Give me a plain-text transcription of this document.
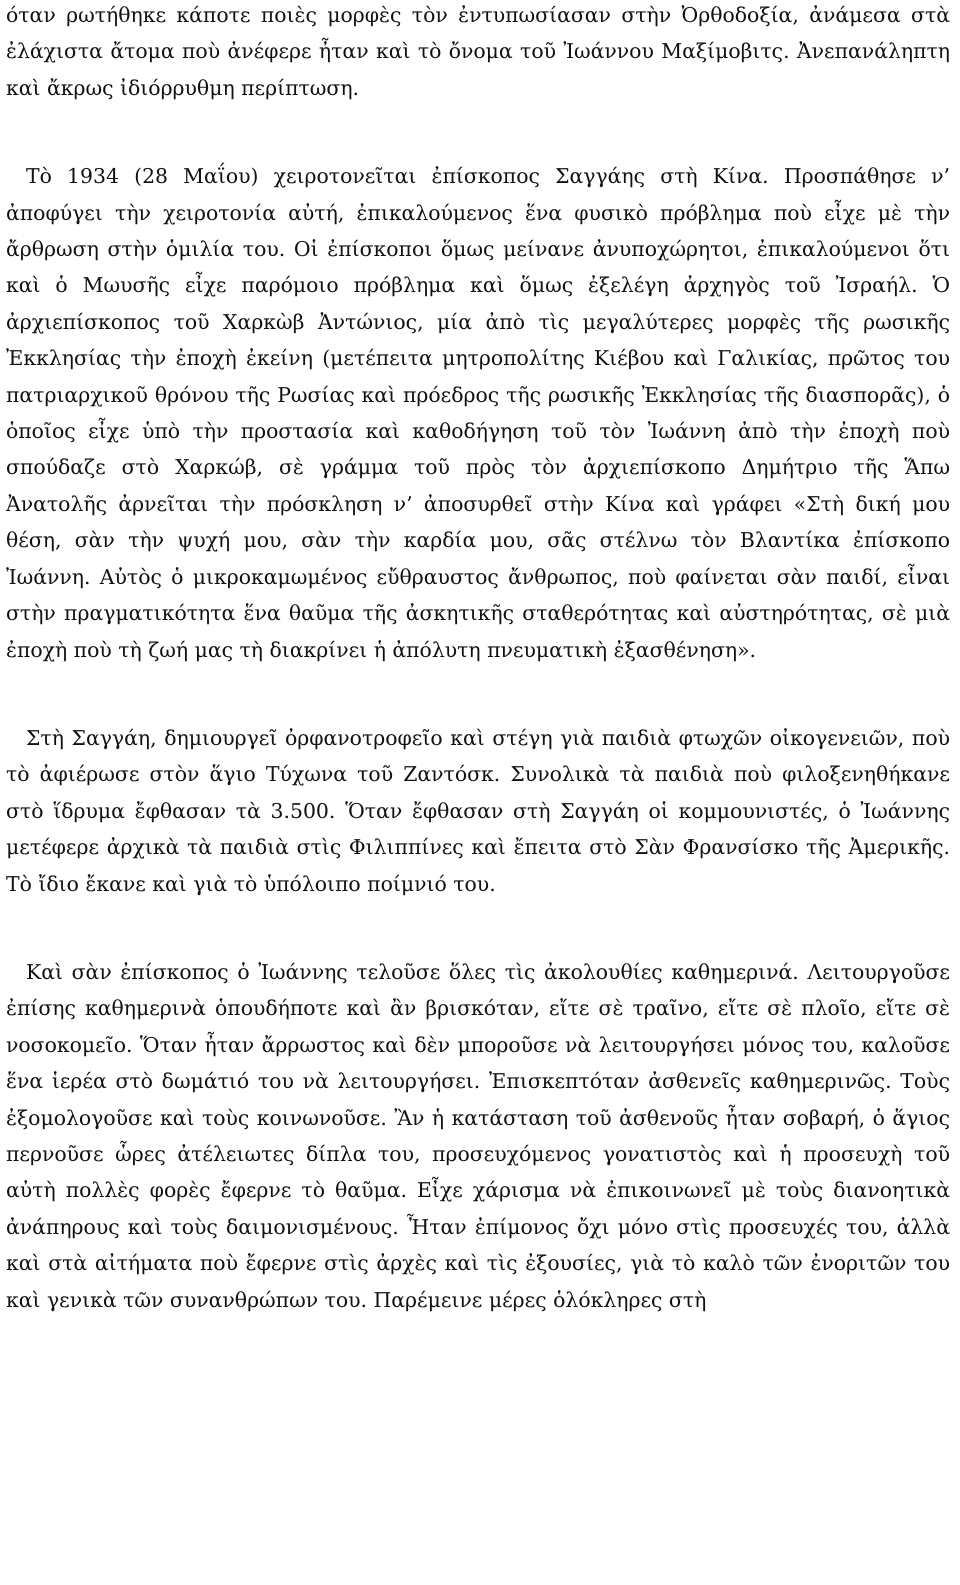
όταν ρωτήθηκε κάποτε ποιὲς μορφὲς τὸν ἐντυπωσίασαν στὴν Ὀρθοδοξία, ἀνάμεσα στὰ ἐλάχιστα ἄτομα ποὺ ἀνέφερε ἦταν καὶ τὸ ὄνομα τοῦ Ἰωάννου Μαξίμοβιτς. Ἀνεπανάληπτη καὶ ἄκρως ἰδιόρρυθμη περίπτωση.

Τὸ 1934 (28 Μαΐου) χειροτονεῖται ἐπίσκοπος Σαγγάης στὴ Κίνα. Προσπάθησε ν’ ἀποφύγει τὴν χειροτονία αὐτή, ἐπικαλούμενος ἕνα φυσικὸ πρόβλημα ποὺ εἶχε μὲ τὴν ἄρθρωση στὴν ὁμιλία του. Οἱ ἐπίσκοποι ὅμως μείνανε ἀνυποχώρητοι, ἐπικαλούμενοι ὅτι καὶ ὁ Μωυσῆς εἶχε παρόμοιο πρόβλημα καὶ ὅμως ἐξελέγη ἀρχηγὸς τοῦ Ἰσραήλ. Ὁ ἀρχιεπίσκοπος τοῦ Χαρκὼβ Ἀντώνιος, μία ἀπὸ τὶς μεγαλύτερες μορφὲς τῆς ρωσικῆς Ἐκκλησίας τὴν ἐποχὴ ἐκείνη (μετέπειτα μητροπολίτης Κιέβου καὶ Γαλικίας, πρῶτος του πατριαρχικοῦ θρόνου τῆς Ρωσίας καὶ πρόεδρος τῆς ρωσικῆς Ἐκκλησίας τῆς διασπορᾶς), ὁ ὁποῖος εἶχε ὑπὸ τὴν προστασία καὶ καθοδήγηση τοῦ τὸν Ἰωάννη ἀπὸ τὴν ἐποχὴ ποὺ σπούδαζε στὸ Χαρκώβ, σὲ γράμμα τοῦ πρὸς τὸν ἀρχιεπίσκοπο Δημήτριο τῆς Ἅπω Ἀνατολῆς ἀρνεῖται τὴν πρόσκληση ν’ ἀποσυρθεῖ στὴν Κίνα καὶ γράφει «Στὴ δική μου θέση, σὰν τὴν ψυχή μου, σὰν τὴν καρδία μου, σᾶς στέλνω τὸν Βλαντίκα ἐπίσκοπο Ἰωάννη. Αὐτὸς ὁ μικροκαμωμένος εὔθραυστος ἄνθρωπος, ποὺ φαίνεται σὰν παιδί, εἶναι στὴν πραγματικότητα ἕνα θαῦμα τῆς ἀσκητικῆς σταθερότητας καὶ αὐστηρότητας, σὲ μιὰ ἐποχὴ ποὺ τὴ ζωή μας τὴ διακρίνει ἡ ἀπόλυτη πνευματικὴ ἐξασθένηση».

Στὴ Σαγγάη, δημιουργεῖ ὀρφανοτροφεῖο καὶ στέγη γιὰ παιδιὰ φτωχῶν οἰκογενειῶν, ποὺ τὸ ἀφιέρωσε στὸν ἅγιο Τύχωνα τοῦ Ζαντόσκ. Συνολικὰ τὰ παιδιὰ ποὺ φιλοξενηθήκανε στὸ ἵδρυμα ἔφθασαν τὰ 3.500. Ὅταν ἔφθασαν στὴ Σαγγάη οἱ κομμουνιστές, ὁ Ἰωάννης μετέφερε ἀρχικὰ τὰ παιδιὰ στὶς Φιλιππίνες καὶ ἔπειτα στὸ Σὰν Φρανσίσκο τῆς Ἀμερικῆς. Τὸ ἴδιο ἔκανε καὶ γιὰ τὸ ὑπόλοιπο ποίμνιό του.

Καὶ σὰν ἐπίσκοπος ὁ Ἰωάννης τελοῦσε ὅλες τὶς ἀκολουθίες καθημερινά. Λειτουργοῦσε ἐπίσης καθημερινὰ ὁπουδήποτε καὶ ἂν βρισκόταν, εἴτε σὲ τραῖνο, εἴτε σὲ πλοῖο, εἴτε σὲ νοσοκομεῖο. Ὅταν ἦταν ἄρρωστος καὶ δὲν μποροῦσε νὰ λειτουργήσει μόνος του, καλοῦσε ἕνα ἱερέα στὸ δωμάτιό του νὰ λειτουργήσει. Ἐπισκεπτόταν ἀσθενεῖς καθημερινῶς. Τοὺς ἐξομολογοῦσε καὶ τοὺς κοινωνοῦσε. Ἂν ἡ κατάσταση τοῦ ἀσθενοῦς ἦταν σοβαρή, ὁ ἅγιος περνοῦσε ὧρες ἀτέλειωτες δίπλα του, προσευχόμενος γονατιστὸς καὶ ἡ προσευχὴ τοῦ αὐτὴ πολλὲς φορὲς ἔφερνε τὸ θαῦμα. Εἶχε χάρισμα νὰ ἐπικοινωνεῖ μὲ τοὺς διανοητικὰ ἀνάπηρους καὶ τοὺς δαιμονισμένους. Ἦταν ἐπίμονος ὄχι μόνο στὶς προσευχές του, ἀλλὰ καὶ στὰ αἰτήματα ποὺ ἔφερνε στὶς ἀρχὲς καὶ τὶς ἐξουσίες, γιὰ τὸ καλὸ τῶν ἐνοριτῶν του καὶ γενικὰ τῶν συνανθρώπων του. Παρέμεινε μέρες ὁλόκληρες στὴ
